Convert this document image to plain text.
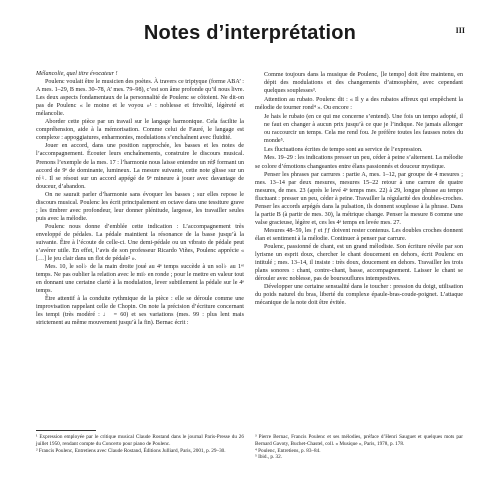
Notes d’interprétation	III

Mélancolie, quel titre évocateur !

Poulenc voulait être le musicien des poètes. À travers ce triptyque (forme ABA’ : A mes. 1–29, B mes. 30–78, A’ mes. 79–98), c’est son âme profonde qu’il nous livre. Les deux aspects fondamentaux de la personnalité de Poulenc se côtoient. Ne dit-on pas de Poulenc « le moine et le voyou »¹ : noblesse et frivolité, légèreté et mélancolie.

Aborder cette pièce par un travail sur le langage harmonique. Cela facilite la compréhension, aide à la mémorisation. Comme celui de Fauré, le langage est complexe : appoggiatures, enharmonies, modulations s’enchaînent avec fluidité.

Jouer en accord, dans une position rapprochée, les basses et les notes de l’accompagnement. Écouter leurs enchaînements, construire le discours musical. Prenons l’exemple de la mes. 17 : l’harmonie nous laisse entendre un ré♯ formant un accord de 9ᵉ de dominante, lumineux. La mesure suivante, cette note glisse sur un ré♮. Il se résout sur un accord appégé de 9ᵉ mineure à jouer avec davantage de douceur, d’abandon.

On ne saurait parler d’harmonie sans évoquer les basses ; sur elles repose le discours musical. Poulenc les écrit principalement en octave dans une tessiture grave ; les timbrer avec profondeur, leur donner plénitude, largesse, les travailler seules puis avec la mélodie.

Poulenc nous donne d’emblée cette indication : L’accompagnement très enveloppé de pédales. La pédale maintient la résonance de la basse jusqu’à la suivante. Être à l’écoute de celle-ci. Une demi-pédale ou un vibrato de pédale peut s’avérer utile. En effet, l’avis de son professeur Ricardo Viñes, Poulenc apprécie « […] le jeu clair dans un flot de pédale² ».

Mes. 10, le sol♭ de la main droite joué au 4ᵉ temps succède à un sol♭ au 1ᵉʳ temps. Ne pas oublier la relation avec le mi♭ en ronde ; pour le mettre en valeur tout en donnant une certaine clarté à la modulation, lever subtilement la pédale sur le 4ᵉ temps.

Être attentif à la conduite rythmique de la pièce : elle se déroule comme une improvisation rappelant celle de Chopin. On note la précision d’écriture concernant les tempi (très modéré : ♩ = 60) et ses variations (mes. 99 : plus lent mais strictement au même mouvement jusqu’à la fin). Bernac écrit :

Comme toujours dans la musique de Poulenc, [le tempo] doit être maintenu, en dépit des modulations et des changements d’atmosphère, avec cependant quelques souplesses³.

Attention au rubato. Poulenc dit : « Il y a des rubatos affreux qui empêchent la mélodie de tourner rond⁴ ». Ou encore :

Je hais le rubato (en ce qui me concerne s’entend). Une fois un tempo adopté, il ne faut en changer à aucun prix jusqu’à ce que je l’indique. Ne jamais allonger ou raccourcir un temps. Cela me rend fou. Je préfère toutes les fausses notes du monde⁵.

Les fluctuations écrites de tempo sont au service de l’expression.

Mes. 19–29 : les indications presser un peu, céder à peine s’alternent. La mélodie se colore d’émotions changeantes entre élans passionnés et douceur mystique.

Penser les phrases par carrures : partie A, mes. 1–12, par groupe de 4 mesures ; mes. 13–14 par deux mesures, mesures 15–22 retour à une carrure de quatre mesures, de mes. 23 (après le levé 4ᵉ temps mes. 22) à 29, longue phrase au tempo fluctuant : presser un peu, céder à peine. Travailler la régularité des doubles-croches. Penser les accords arpégés dans la pulsation, ils donnent souplesse à la phrase. Dans la partie B (à partir de mes. 30), la métrique change. Penser la mesure 8 comme une valse gracieuse, légère et, ces les 4ᵉ temps en levée mes. 27.

Mesures 48–59, les ƒ et ƒƒ doivent rester contenus. Les doubles croches donnent élan et sentiment à la mélodie. Continuer à penser par carrure.

Poulenc, passionné de chant, est un grand mélodiste. Son écriture révèle par son lyrisme un esprit doux, chercher le chant doucement en dehors, écrit Poulenc en intitulé ; mes. 13–14, il insiste : très doux, doucement en dehors. Travailler les trois plans sonores : chant, contre-chant, basse, accompagnement. Laisser le chant se dérouler avec noblesse, pas de boursouflures intempestives.

Développer une certaine sensualité dans le toucher : pression du doigt, utilisation du poids naturel du bras, liberté du complexe épaule-bras-coude-poignet. L’attaque mécanique de la note doit être évitée.

¹ Expression employée par le critique musical Claude Rostand dans le journal Paris-Presse du 26 juillet 1950, rendant compte du Concerto pour piano de Poulenc.

² Francis Poulenc, Entretiens avec Claude Rostand, Éditions Julliard, Paris, 2001, p. 29–30.

³ Pierre Bernac, Francis Poulenc et ses mélodies, préface d’Henri Sauguet et quelques mots par Bernard Gavoty, Buchet-Chastel, coll. « Musique », Paris, 1978, p. 178.

⁴ Poulenc, Entretiens, p. 83–84.

⁵ Ibid., p. 32.
